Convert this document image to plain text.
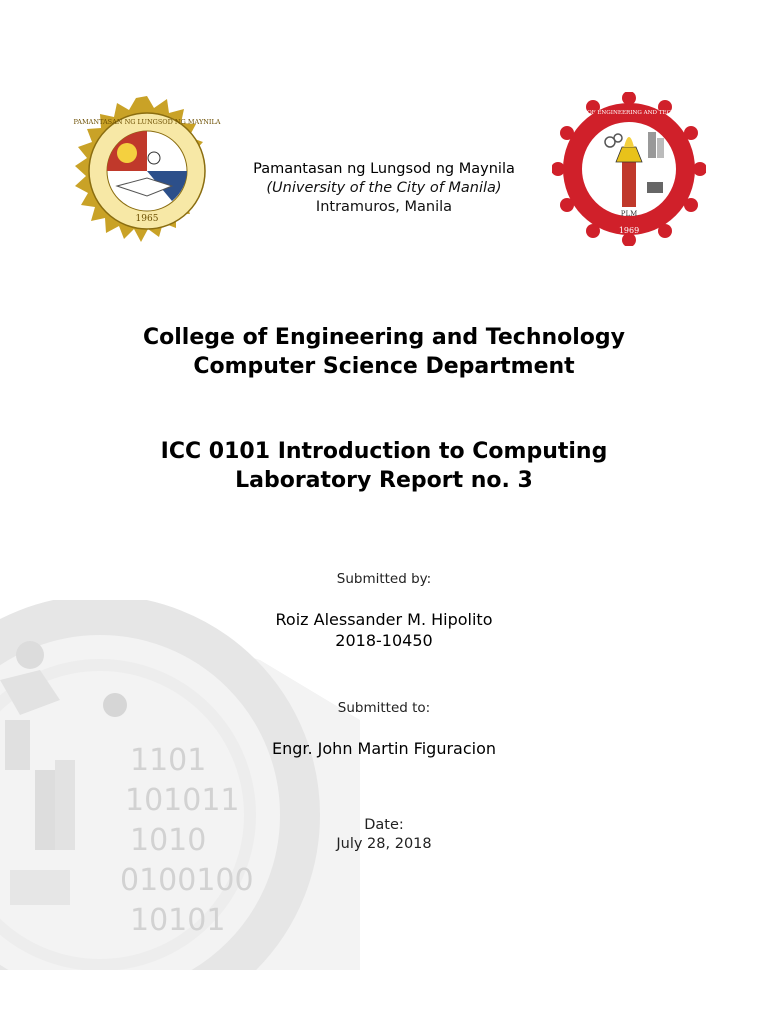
1101
101011
1010
0100100
10101
1965
PAMANTASAN NG LUNGSOD NG MAYNILA
Pamantasan ng Lungsod ng Maynila
(University of the City of Manila)
Intramuros, Manila	PLM
1969
COLLEGE OF ENGINEERING AND TECHNOLOGY
College of Engineering and Technology
Computer Science Department
ICC 0101 Introduction to Computing
Laboratory Report no. 3
Submitted by:
Roiz Alessander M. Hipolito
2018-10450
Submitted to:
Engr. John Martin Figuracion
Date:
July 28, 2018
